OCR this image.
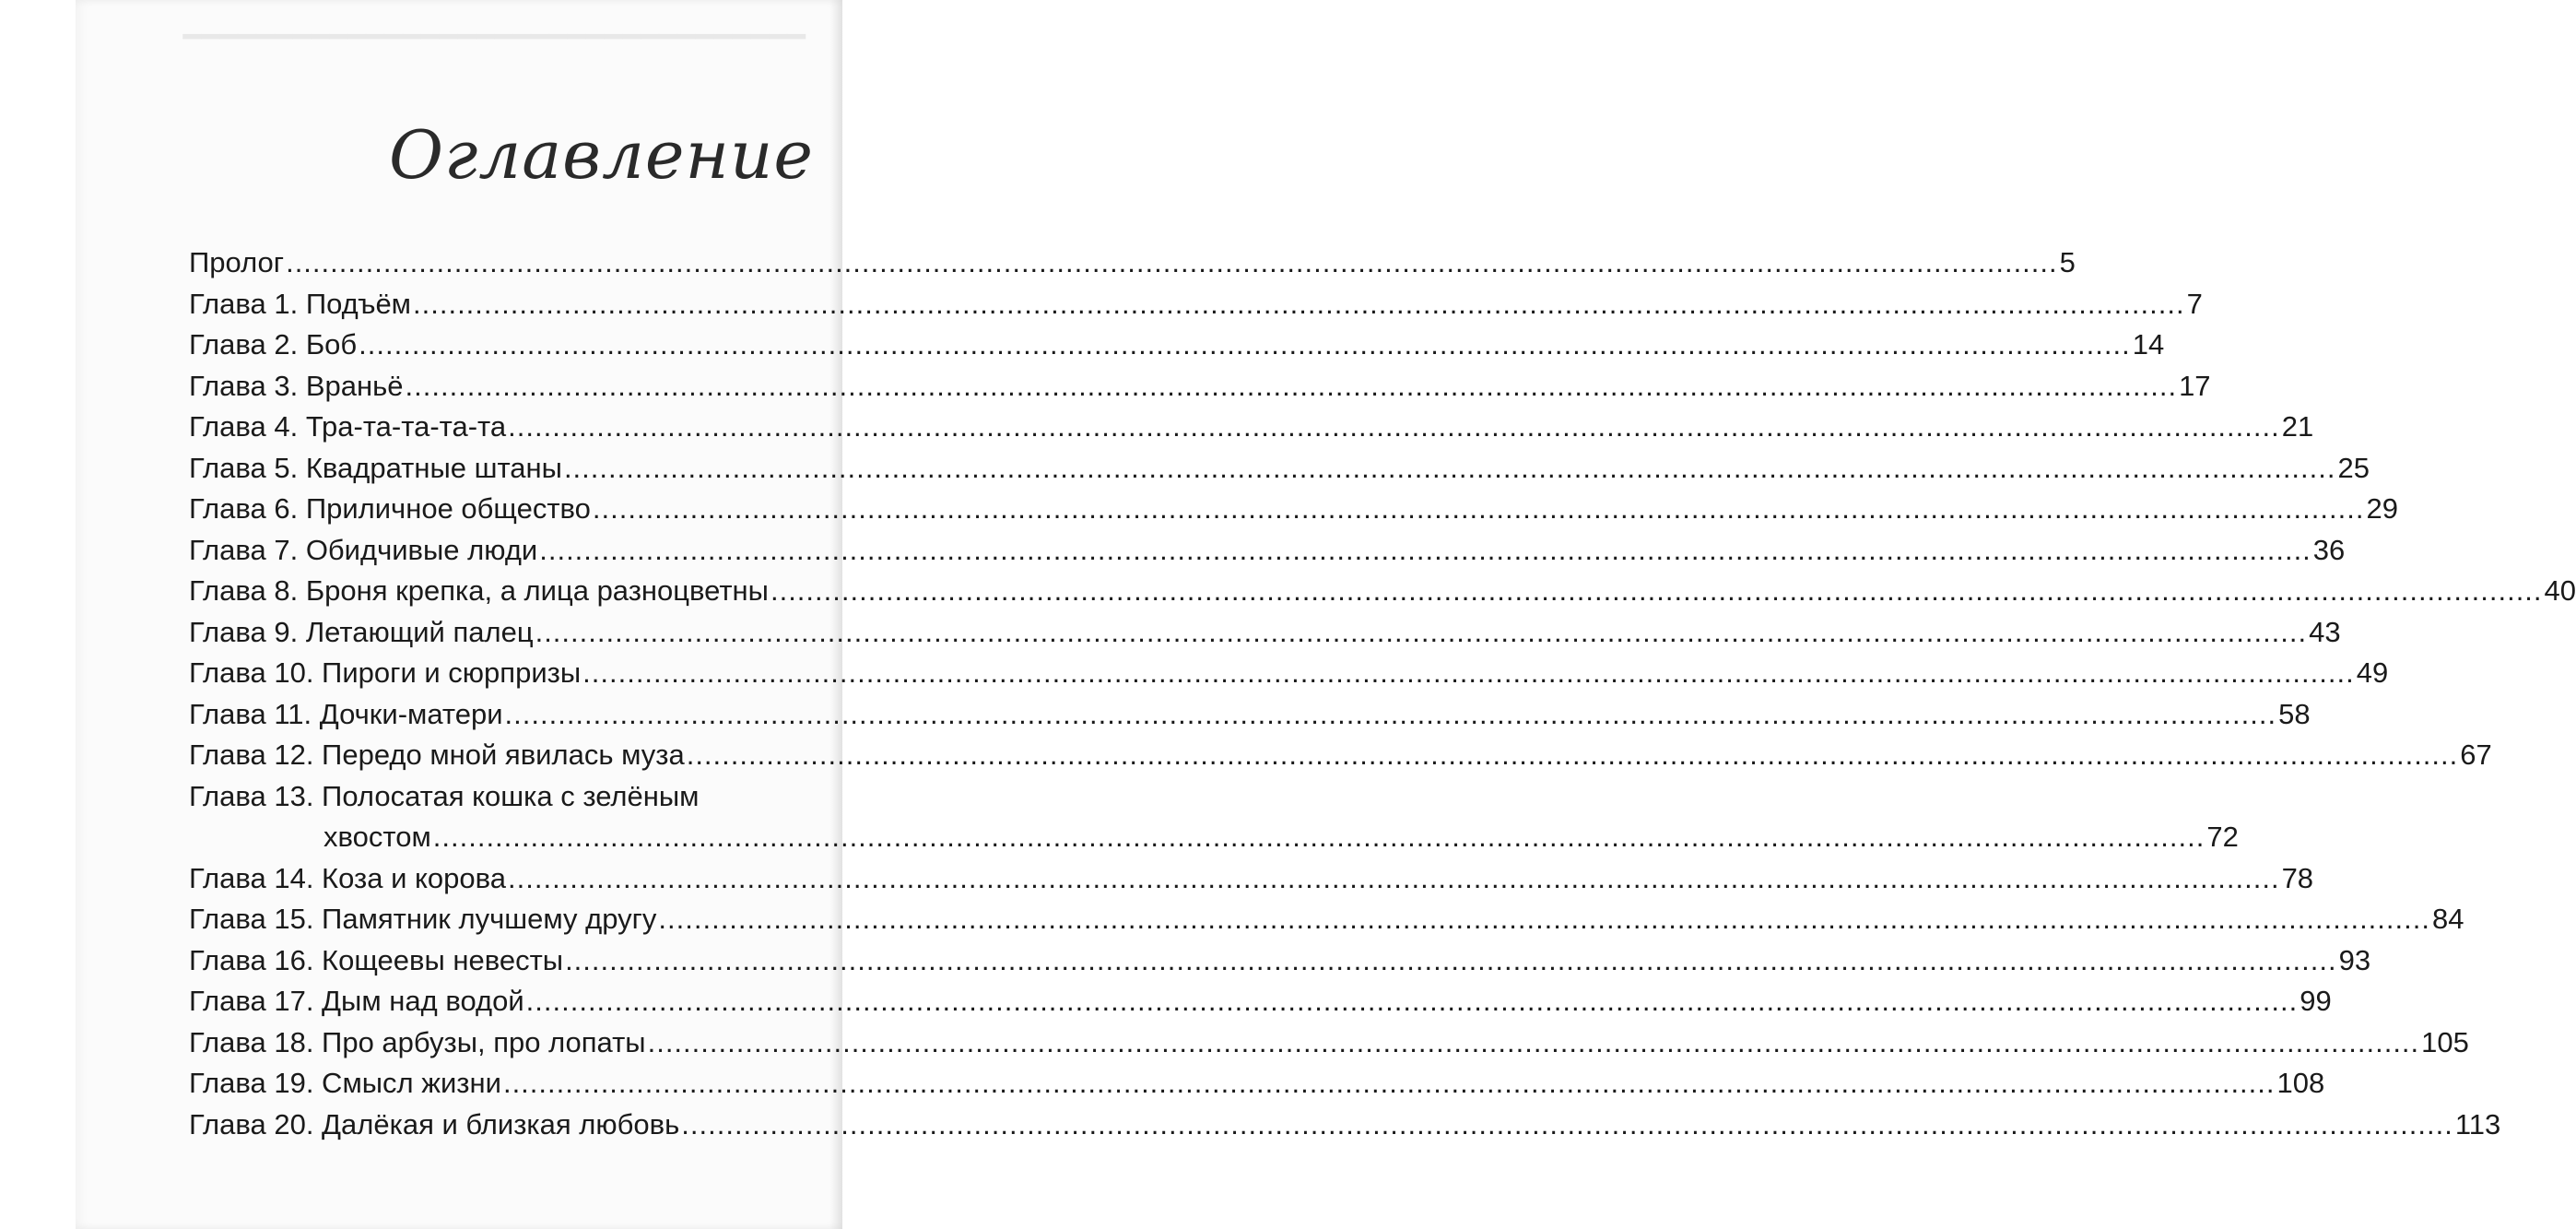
━━━━━━━━━━━━━━━━━━━━━━━━━━━━━━━━━━
Оглавление
Пролог .....	5
Глава 1. Подъём .....	7
Глава 2. Боб .....	14
Глава 3. Враньё .....	17
Глава 4. Тра-та-та-та-та .....	21
Глава 5. Квадратные штаны .....	25
Глава 6. Приличное общество .....	29
Глава 7. Обидчивые люди .....	36
Глава 8. Броня крепка, а лица разноцветны .....	40
Глава 9. Летающий палец .....	43
Глава 10. Пироги и сюрпризы .....	49
Глава 11. Дочки-матери .....	58
Глава 12. Передо мной явилась муза .....	67
Глава 13. Полосатая кошка с зелёным
хвостом .....	72
Глава 14. Коза и корова .....	78
Глава 15. Памятник лучшему другу .....	84
Глава 16. Кощеевы невесты .....	93
Глава 17. Дым над водой .....	99
Глава 18. Про арбузы, про лопаты .....	105
Глава 19. Смысл жизни .....	108
Глава 20. Далёкая и близкая любовь .....	113
